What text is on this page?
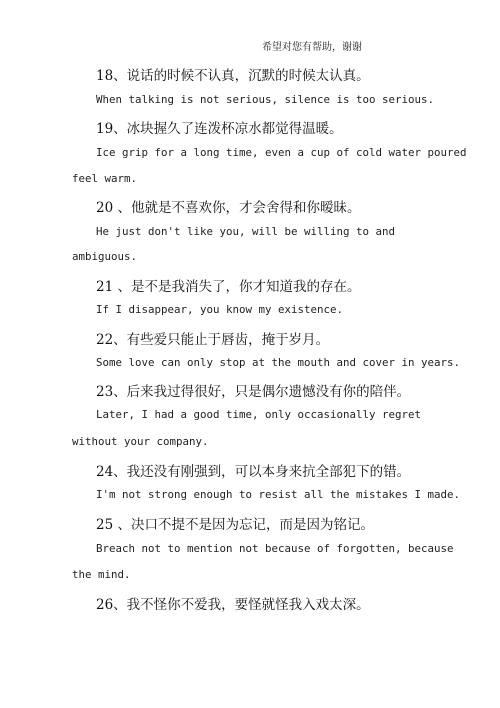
希望对您有帮助，谢谢
18、说话的时候不认真，沉默的时候太认真。
When talking is not serious, silence is too serious.
19、冰块握久了连泼杯凉水都觉得温暖。
Ice grip for a long time, even a cup of cold water poured
feel warm.
20 、他就是不喜欢你，才会舍得和你暧昧。
He just don't like you, will be willing to and
ambiguous.
21 、是不是我消失了，你才知道我的存在。
If I disappear, you know my existence.
22、有些爱只能止于唇齿，掩于岁月。
Some love can only stop at the mouth and cover in years.
23、后来我过得很好，只是偶尔遗憾没有你的陪伴。
Later, I had a good time, only occasionally regret
without your company.
24、我还没有刚强到，可以本身来抗全部犯下的错。
I'm not strong enough to resist all the mistakes I made.
25 、决口不提不是因为忘记，而是因为铭记。
Breach not to mention not because of forgotten, because
the mind.
26、我不怪你不爱我，要怪就怪我入戏太深。
